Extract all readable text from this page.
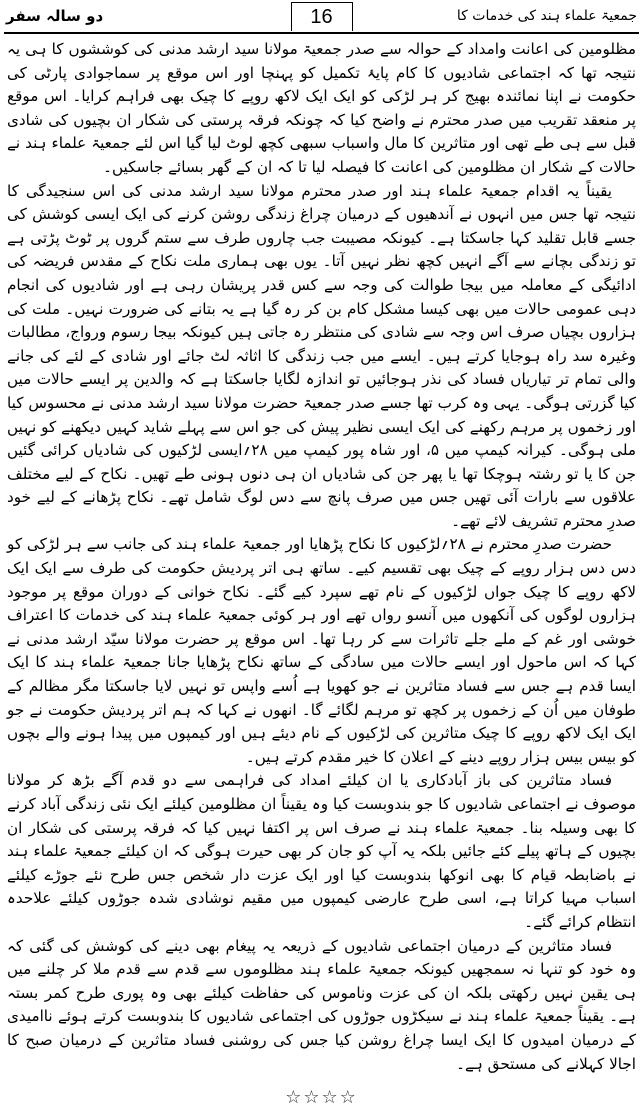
جمعیۃ علماء ہند کی خدمات کا
16
دو سالہ سفر

مظلومین کی اعانت وامداد کے حوالہ سے صدر جمعیۃ مولانا سید ارشد مدنی کی کوششوں کا ہی یہ نتیجہ تھا کہ اجتماعی شادیوں کا کام پایۂ تکمیل کو پہنچا اور اس موقع پر سماجوادی پارٹی کی حکومت نے اپنا نمائندہ بھیج کر ہر لڑکی کو ایک ایک لاکھ روپے کا چیک بھی فراہم کرایا۔ اس موقع پر منعقد تقریب میں صدر محترم نے واضح کیا کہ چونکہ فرقہ پرستی کی شکار ان بچیوں کی شادی قبل سے ہی طے تھی اور متاثرین کا مال واسباب سبھی کچھ لوٹ لیا گیا اس لئے جمعیۃ علماء ہند نے حالات کے شکار ان مظلومین کی اعانت کا فیصلہ لیا تا کہ ان کے گھر بسائے جاسکیں۔

یقیناً یہ اقدام جمعیۃ علماء ہند اور صدر محترم مولانا سید ارشد مدنی کی اس سنجیدگی کا نتیجہ تھا جس میں انہوں نے آندھیوں کے درمیان چراغ زندگی روشن کرنے کی ایک ایسی کوشش کی جسے قابل تقلید کہا جاسکتا ہے۔ کیونکہ مصیبت جب چاروں طرف سے ستم گروں پر ٹوٹ پڑتی ہے تو زندگی بچانے سے آگے انہیں کچھ نظر نہیں آتا۔ یوں بھی ہماری ملت نکاح کے مقدس فریضہ کی ادائیگی کے معاملہ میں بیجا طوالت کی وجہ سے کس قدر پریشان رہی ہے اور شادیوں کی انجام دہی عمومی حالات میں بھی کیسا مشکل کام بن کر رہ گیا ہے یہ بتانے کی ضرورت نہیں۔ ملت کی ہزاروں بچیاں صرف اس وجہ سے شادی کی منتظر رہ جاتی ہیں کیونکہ بیجا رسوم ورواج، مطالبات وغیرہ سد راہ ہوجایا کرتے ہیں۔ ایسے میں جب زندگی کا اثاثہ لٹ جائے اور شادی کے لئے کی جانے والی تمام تر تیاریاں فساد کی نذر ہوجائیں تو اندازہ لگایا جاسکتا ہے کہ والدین پر ایسے حالات میں کیا گزرتی ہوگی۔ یہی وہ کرب تھا جسے صدر جمعیۃ حضرت مولانا سید ارشد مدنی نے محسوس کیا اور زخموں پر مرہم رکھنے کی ایک ایسی نظیر پیش کی جو اس سے پہلے شاید کہیں دیکھنے کو نہیں ملی ہوگی۔ کیرانہ کیمپ میں ۵، اور شاہ پور کیمپ میں ۲۸؍ایسی لڑکیوں کی شادیاں کرائی گئیں جن کا یا تو رشتہ ہوچکا تھا یا پھر جن کی شادیاں ان ہی دنوں ہونی طے تھیں۔ نکاح کے لیے مختلف علاقوں سے بارات آئی تھیں جس میں صرف پانچ سے دس لوگ شامل تھے۔ نکاح پڑھانے کے لیے خود صدرِ محترم تشریف لائے تھے۔

حضرت صدرِ محترم نے ۲۸؍لڑکیوں کا نکاح پڑھایا اور جمعیۃ علماء ہند کی جانب سے ہر لڑکی کو دس دس ہزار روپے کے چیک بھی تقسیم کیے۔ ساتھ ہی اتر پردیش حکومت کی طرف سے ایک ایک لاکھ روپے کا چیک جواں لڑکیوں کے نام تھے سپرد کیے گئے۔ نکاح خوانی کے دوران موقع پر موجود ہزاروں لوگوں کی آنکھوں میں آنسو رواں تھے اور ہر کوئی جمعیۃ علماء ہند کی خدمات کا اعتراف خوشی اور غم کے ملے جلے تاثرات سے کر رہا تھا۔ اس موقع پر حضرت مولانا سیّد ارشد مدنی نے کہا کہ اس ماحول اور ایسے حالات میں سادگی کے ساتھ نکاح پڑھایا جانا جمعیۃ علماء ہند کا ایک ایسا قدم ہے جس سے فساد متاثرین نے جو کھویا ہے اُسے واپس تو نہیں لایا جاسکتا مگر مظالم کے طوفان میں اُن کے زخموں پر کچھ تو مرہم لگائے گا۔ انھوں نے کہا کہ ہم اتر پردیش حکومت نے جو ایک ایک لاکھ روپے کا چیک متاثرین کی لڑکیوں کے نام دیئے ہیں اور کیمپوں میں پیدا ہونے والے بچوں کو بیس بیس ہزار روپے دینے کے اعلان کا خیر مقدم کرتے ہیں۔

فساد متاثرین کی باز آبادکاری یا ان کیلئے امداد کی فراہمی سے دو قدم آگے بڑھ کر مولانا موصوف نے اجتماعی شادیوں کا جو بندوبست کیا وہ یقیناً ان مظلومین کیلئے ایک نئی زندگی آباد کرنے کا بھی وسیلہ بنا۔ جمعیۃ علماء ہند نے صرف اس پر اکتفا نہیں کیا کہ فرقہ پرستی کی شکار ان بچیوں کے ہاتھ پیلے کئے جائیں بلکہ یہ آپ کو جان کر بھی حیرت ہوگی کہ ان کیلئے جمعیۃ علماء ہند نے باضابطہ قیام کا بھی انوکھا بندوبست کیا اور ایک عزت دار شخص جس طرح نئے جوڑے کیلئے اسباب مہیا کراتا ہے، اسی طرح عارضی کیمپوں میں مقیم نوشادی شدہ جوڑوں کیلئے علاحدہ انتظام کرائے گئے۔

فساد متاثرین کے درمیان اجتماعی شادیوں کے ذریعہ یہ پیغام بھی دینے کی کوشش کی گئی کہ وہ خود کو تنہا نہ سمجھیں کیونکہ جمعیۃ علماء ہند مظلوموں سے قدم سے قدم ملا کر چلنے میں ہی یقین نہیں رکھتی بلکہ ان کی عزت وناموس کی حفاظت کیلئے بھی وہ پوری طرح کمر بستہ ہے۔ یقیناً جمعیۃ علماء ہند نے سیکڑوں جوڑوں کی اجتماعی شادیوں کا بندوبست کرتے ہوئے ناامیدی کے درمیان امیدوں کا ایک ایسا چراغ روشن کیا جس کی روشنی فساد متاثرین کے درمیان صبح کا اجالا کہلانے کی مستحق ہے۔

☆☆☆☆
